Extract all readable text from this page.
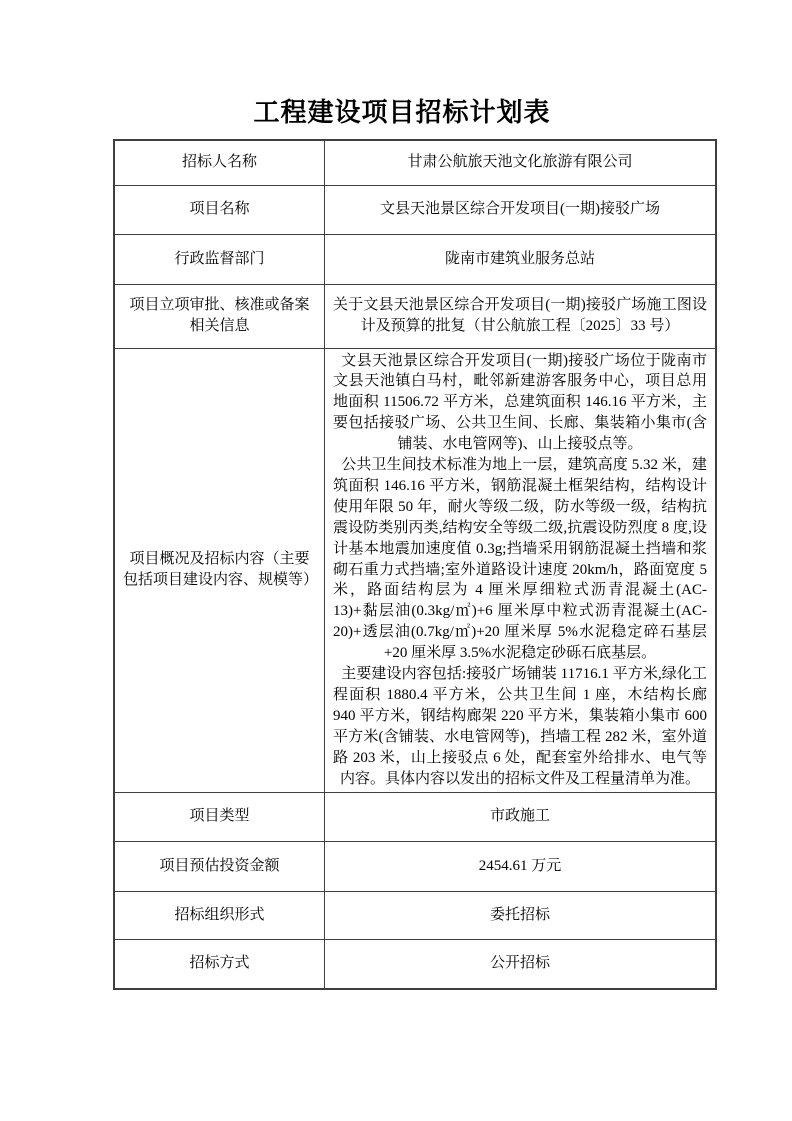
工程建设项目招标计划表
招标人名称	甘肃公航旅天池文化旅游有限公司
项目名称	文县天池景区综合开发项目(一期)接驳广场
行政监督部门	陇南市建筑业服务总站
项目立项审批、核准或备案相关信息	关于文县天池景区综合开发项目(一期)接驳广场施工图设计及预算的批复（甘公航旅工程〔2025〕33 号）
项目概况及招标内容（主要包括项目建设内容、规模等）	文县天池景区综合开发项目(一期)接驳广场位于陇南市文县天池镇白马村，毗邻新建游客服务中心，项目总用地面积 11506.72 平方米，总建筑面积 146.16 平方米，主要包括接驳广场、公共卫生间、长廊、集装箱小集市(含铺装、水电管网等)、山上接驳点等。

公共卫生间技术标准为地上一层，建筑高度 5.32 米，建筑面积 146.16 平方米，钢筋混凝土框架结构，结构设计使用年限 50 年，耐火等级二级，防水等级一级，结构抗震设防类别丙类,结构安全等级二级,抗震设防烈度 8 度,设计基本地震加速度值 0.3g;挡墙采用钢筋混凝土挡墙和浆砌石重力式挡墙;室外道路设计速度 20km/h，路面宽度 5 米，路面结构层为 4 厘米厚细粒式沥青混凝土(AC-13)+黏层油(0.3kg/㎡)+6 厘米厚中粒式沥青混凝土(AC-20)+透层油(0.7kg/㎡)+20 厘米厚 5%水泥稳定碎石基层+20 厘米厚 3.5%水泥稳定砂砾石底基层。

主要建设内容包括:接驳广场铺装 11716.1 平方米,绿化工程面积 1880.4 平方米，公共卫生间 1 座，木结构长廊 940 平方米，钢结构廊架 220 平方米，集装箱小集市 600 平方米(含铺装、水电管网等)，挡墙工程 282 米，室外道路 203 米，山上接驳点 6 处，配套室外给排水、电气等内容。具体内容以发出的招标文件及工程量清单为准。

项目类型	市政施工
项目预估投资金额	2454.61 万元
招标组织形式	委托招标
招标方式	公开招标
